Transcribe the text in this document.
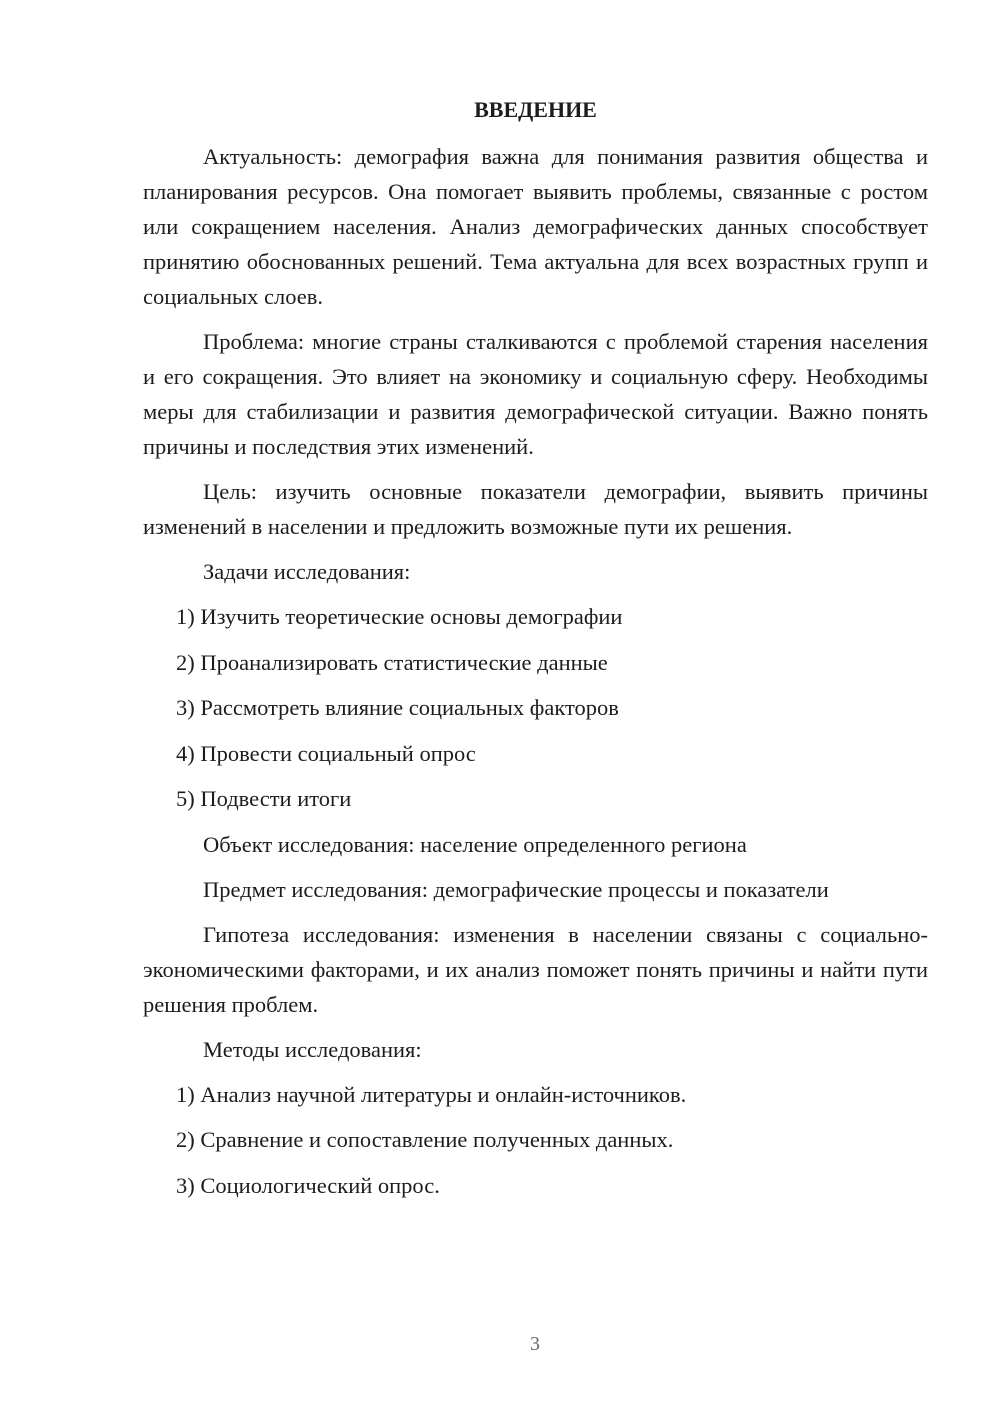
ВВЕДЕНИЕ

Актуальность: демография важна для понимания развития общества и планирования ресурсов. Она помогает выявить проблемы, связанные с ростом или сокращением населения. Анализ демографических данных способствует принятию обоснованных решений. Тема актуальна для всех возрастных групп и социальных слоев.

Проблема: многие страны сталкиваются с проблемой старения населения и его сокращения. Это влияет на экономику и социальную сферу. Необходимы меры для стабилизации и развития демографической ситуации. Важно понять причины и последствия этих изменений.

Цель: изучить основные показатели демографии, выявить причины изменений в населении и предложить возможные пути их решения.

Задачи исследования:

1) Изучить теоретические основы демографии
2) Проанализировать статистические данные
3) Рассмотреть влияние социальных факторов
4) Провести социальный опрос
5) Подвести итоги

Объект исследования: население определенного региона

Предмет исследования: демографические процессы и показатели

Гипотеза исследования: изменения в населении связаны с социально-экономическими факторами, и их анализ поможет понять причины и найти пути решения проблем.

Методы исследования:

1) Анализ научной литературы и онлайн-источников.
2) Сравнение и сопоставление полученных данных.
3) Социологический опрос.
3
